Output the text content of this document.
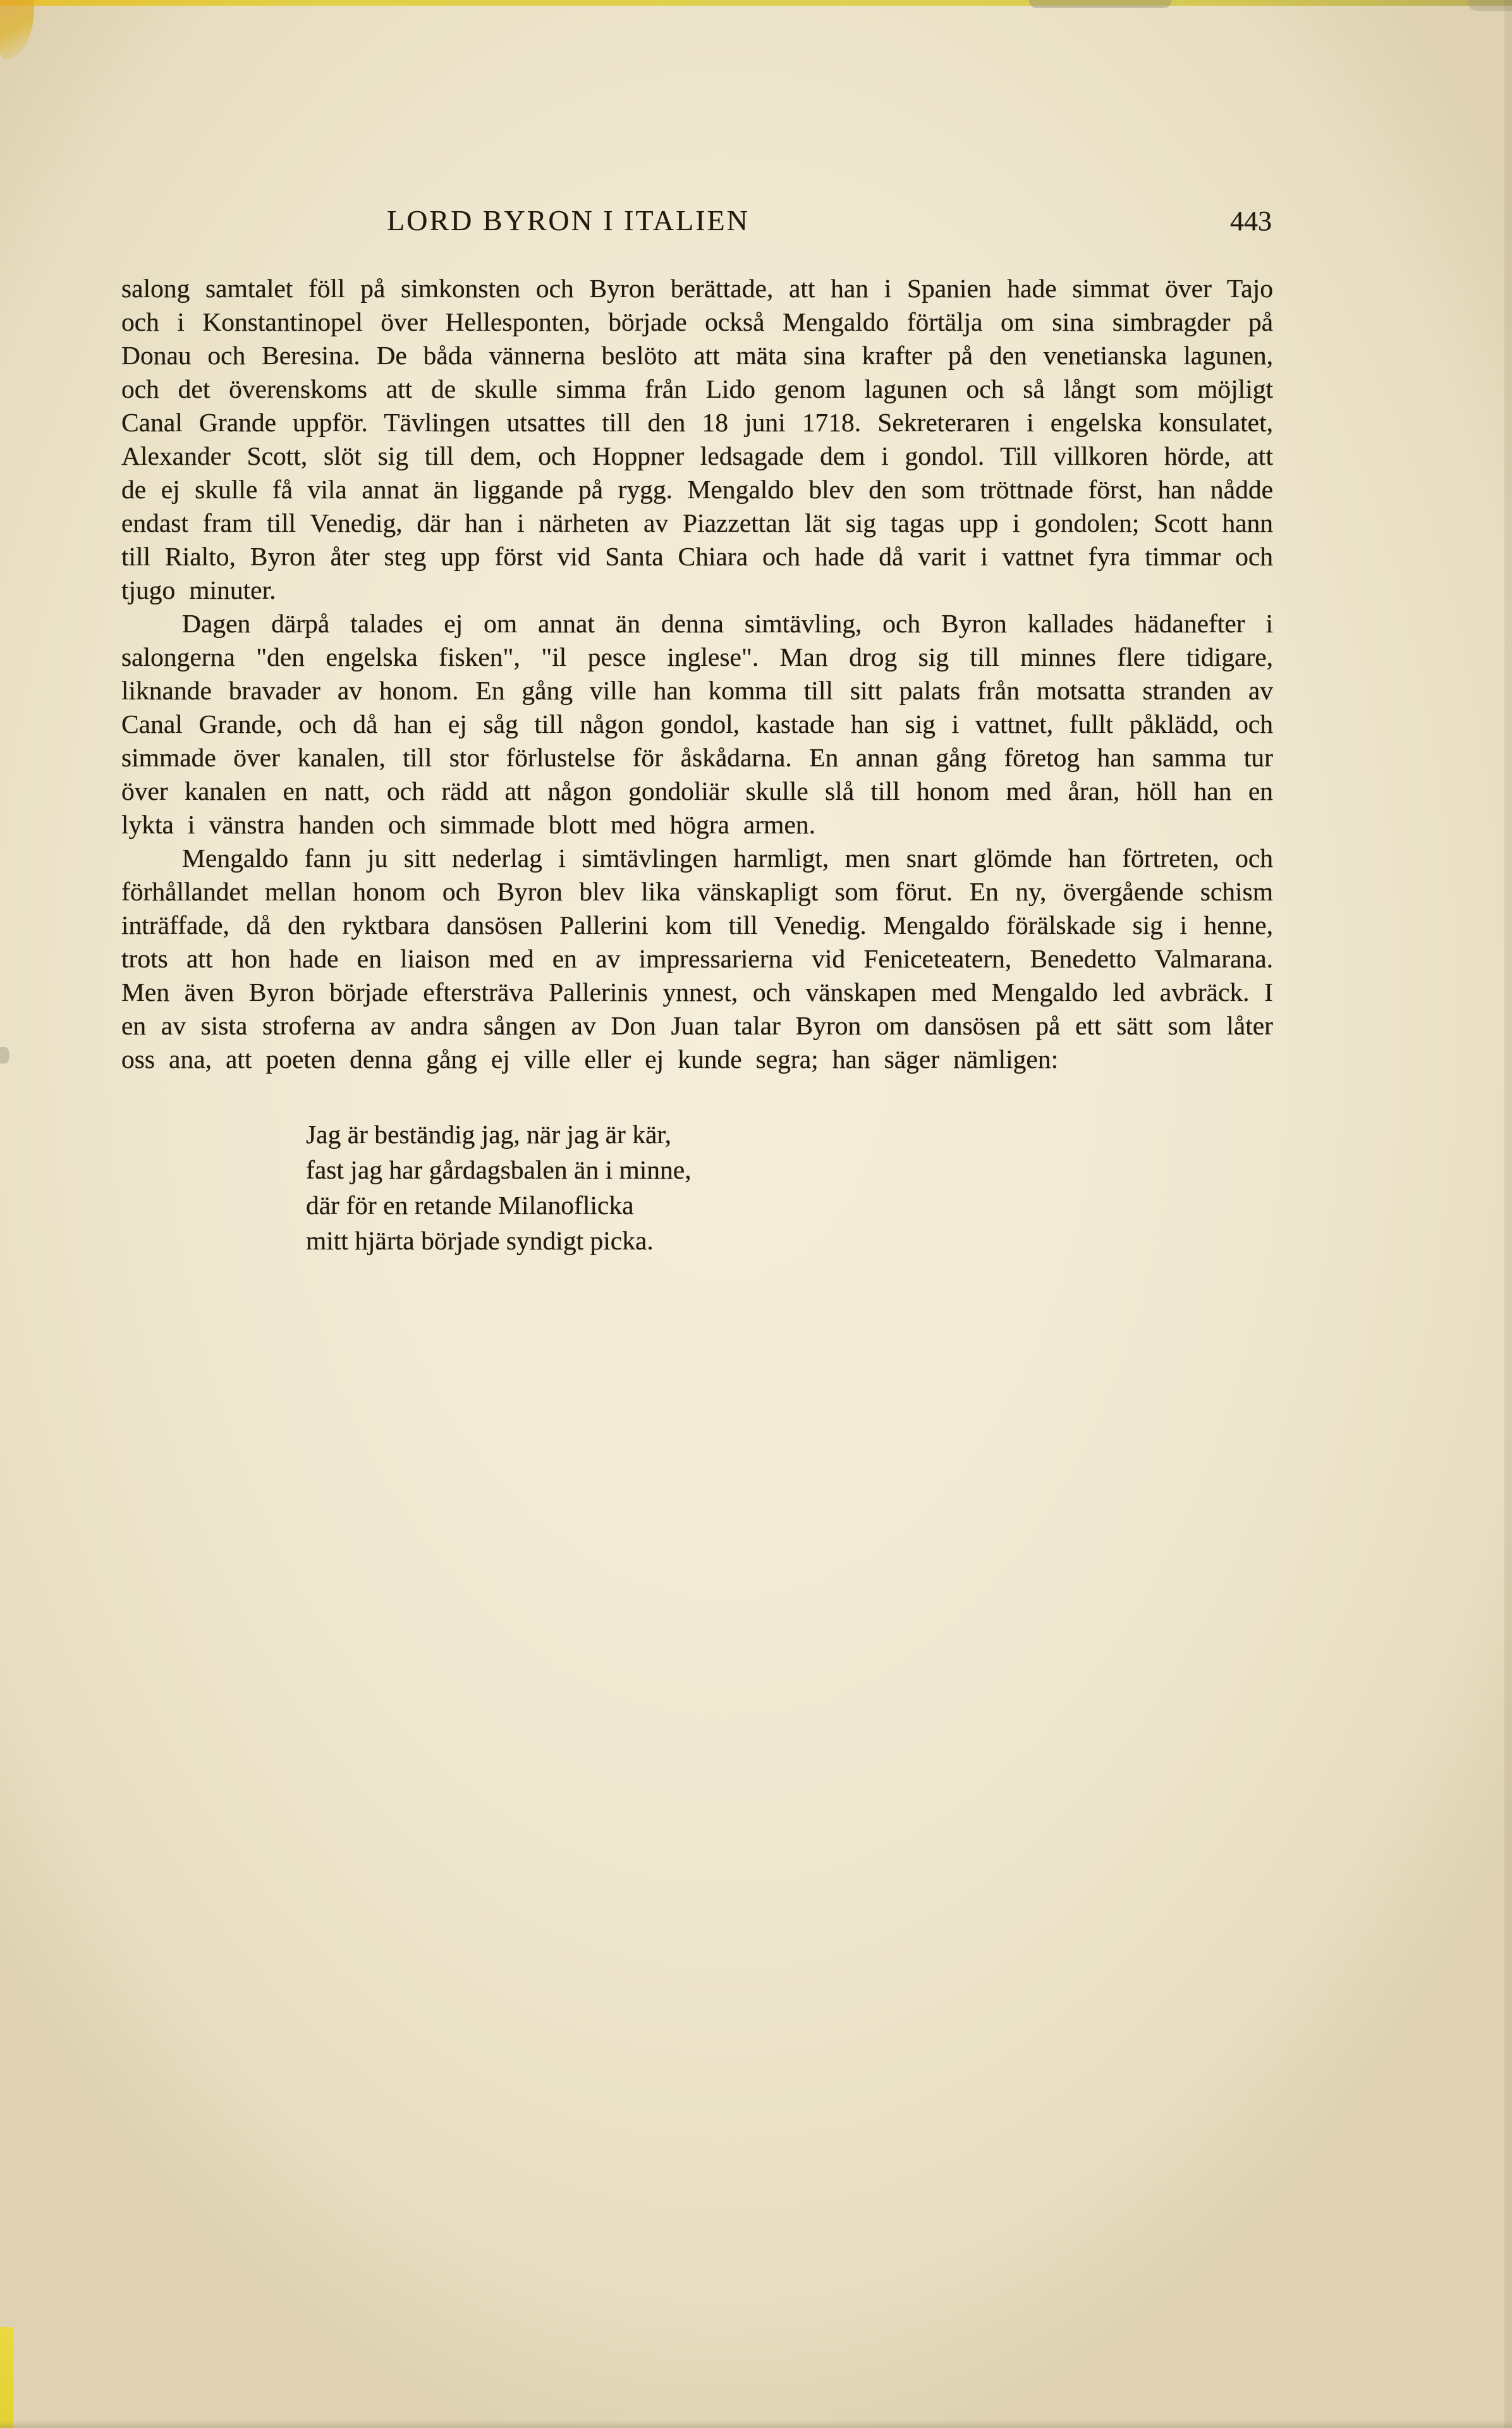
LORD BYRON I ITALIEN	443

salong samtalet föll på simkonsten och Byron berättade, att han i Spanien hade simmat över Tajo och i Konstantinopel över Hellesponten, började också Mengaldo förtälja om sina simbragder på Donau och Beresina. De båda vännerna beslöto att mäta sina krafter på den venetianska lagunen, och det överenskoms att de skulle simma från Lido genom lagunen och så långt som möjligt Canal Grande uppför. Tävlingen utsattes till den 18 juni 1718. Sekreteraren i engelska konsulatet, Alexander Scott, slöt sig till dem, och Hoppner ledsagade dem i gondol. Till villkoren hörde, att de ej skulle få vila annat än liggande på rygg. Mengaldo blev den som tröttnade först, han nådde endast fram till Venedig, där han i närheten av Piazzettan lät sig tagas upp i gondolen; Scott hann till Rialto, Byron åter steg upp först vid Santa Chiara och hade då varit i vattnet fyra timmar och tjugo minuter.

Dagen därpå talades ej om annat än denna simtävling, och Byron kallades hädanefter i salongerna "den engelska fisken", "il pesce inglese". Man drog sig till minnes flere tidigare, liknande bravader av honom. En gång ville han komma till sitt palats från motsatta stranden av Canal Grande, och då han ej såg till någon gondol, kastade han sig i vattnet, fullt påklädd, och simmade över kanalen, till stor förlustelse för åskådarna. En annan gång företog han samma tur över kanalen en natt, och rädd att någon gondoliär skulle slå till honom med åran, höll han en lykta i vänstra handen och simmade blott med högra armen.

Mengaldo fann ju sitt nederlag i simtävlingen harmligt, men snart glömde han förtreten, och förhållandet mellan honom och Byron blev lika vänskapligt som förut. En ny, övergående schism inträffade, då den ryktbara dansösen Pallerini kom till Venedig. Mengaldo förälskade sig i henne, trots att hon hade en liaison med en av impressarierna vid Feniceteatern, Benedetto Valmarana. Men även Byron började eftersträva Pallerinis ynnest, och vänskapen med Mengaldo led avbräck. I en av sista stroferna av andra sången av Don Juan talar Byron om dansösen på ett sätt som låter oss ana, att poeten denna gång ej ville eller ej kunde segra; han säger nämligen:

Jag är beständig jag, när jag är kär,
fast jag har gårdagsbalen än i minne,
där för en retande Milanoflicka
mitt hjärta började syndigt picka.
